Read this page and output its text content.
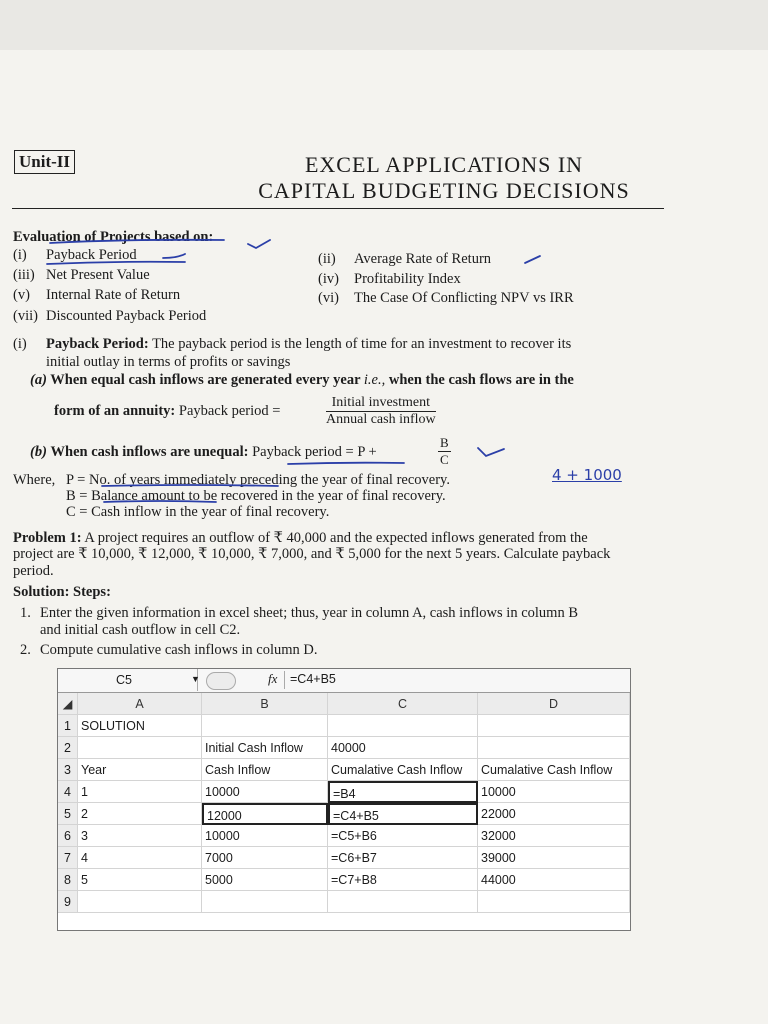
Unit-II	EXCEL APPLICATIONS IN
CAPITAL BUDGETING DECISIONS
Evaluation of Projects based on:
(i) Payback Period	(ii) Average Rate of Return
(iii) Net Present Value	(iv) Profitability Index
(v) Internal Rate of Return	(vi) The Case Of Conflicting NPV vs IRR
(vii) Discounted Payback Period
(i) Payback Period: The payback period is the length of time for an investment to recover its
initial outlay in terms of profits or savings
(a) When equal cash inflows are generated every year i.e., when the cash flows are in the
form of an annuity: Payback period =
Initial investment
Annual cash inflow
(b) When cash inflows are unequal: Payback period = P +	$\frac{B}{C}$
Where, P = No. of years immediately preceding the year of final recovery.
B = Balance amount to be recovered in the year of final recovery.
C = Cash inflow in the year of final recovery.
4 + 1000
Problem 1: A project requires an outflow of ₹ 40,000 and the expected inflows generated from the
project are ₹ 10,000, ₹ 12,000, ₹ 10,000, ₹ 7,000, and ₹ 5,000 for the next 5 years. Calculate payback
period.
Solution: Steps:
1. Enter the given information in excel sheet; thus, year in column A, cash inflows in column B
and initial cash outflow in cell C2.
2. Compute cumulative cash inflows in column D.
C5	▼	fx =C4+B5
◢	A	B	C	D
1 SOLUTION
2	Initial Cash Inflow	40000
3 Year	Cash Inflow	Cumalative Cash Inflow	Cumalative Cash Inflow
4 1	10000	=B4	10000
5 2	12000	=C4+B5	22000
6 3	10000	=C5+B6	32000
7 4	7000	=C6+B7	39000
8 5	5000	=C7+B8	44000
9
